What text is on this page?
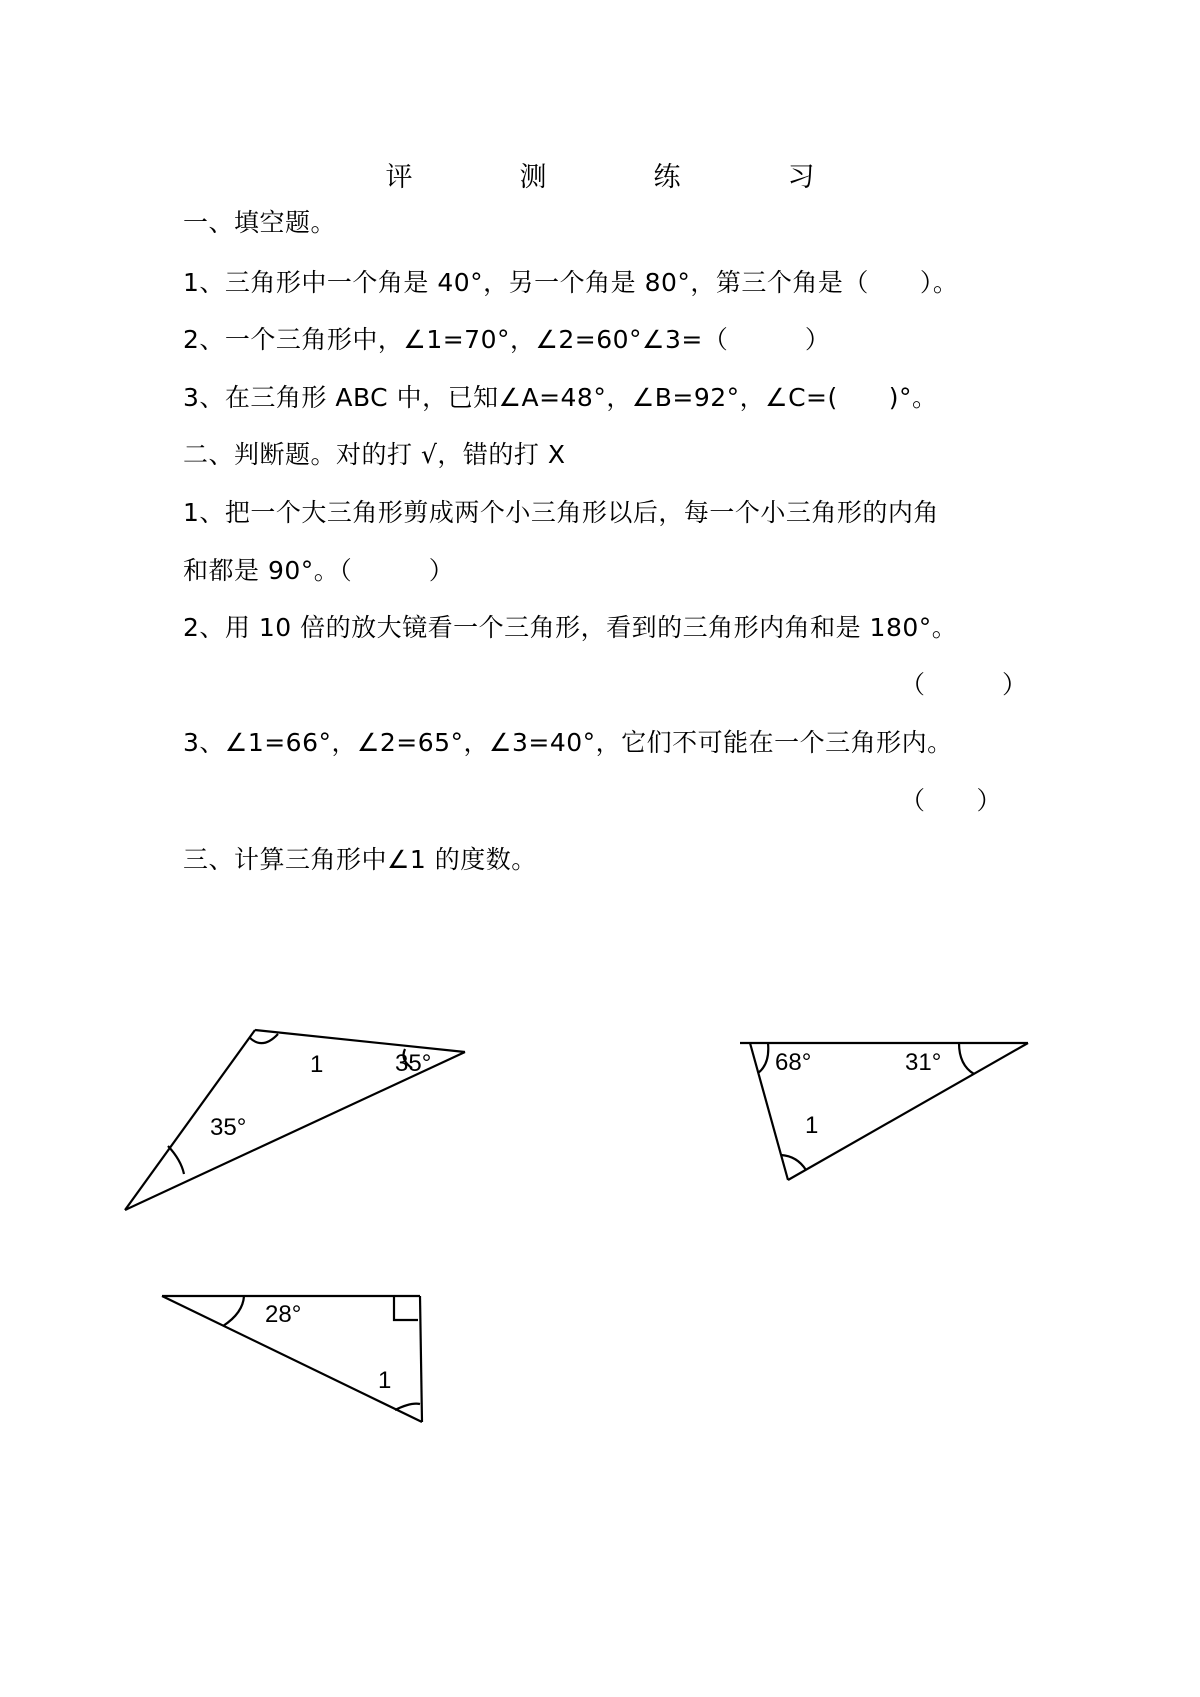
评　测　练　习
一、填空题。
1、三角形中一个角是 40°，另一个角是 80°，第三个角是（　　）。
2、一个三角形中，∠1=70°，∠2=60°∠3=（　　　）
3、在三角形 ABC 中，已知∠A=48°，∠B=92°，∠C=(　　)°。
二、判断题。对的打 √，错的打 X
1、把一个大三角形剪成两个小三角形以后，每一个小三角形的内角
和都是 90°。（　　　）
2、用 10 倍的放大镜看一个三角形，看到的三角形内角和是 180°。
（　　　）
3、∠1=66°，∠2=65°，∠3=40°，它们不可能在一个三角形内。
（　　）
三、计算三角形中∠1 的度数。
1	35°
35°
68°	31°
1
28°
1
